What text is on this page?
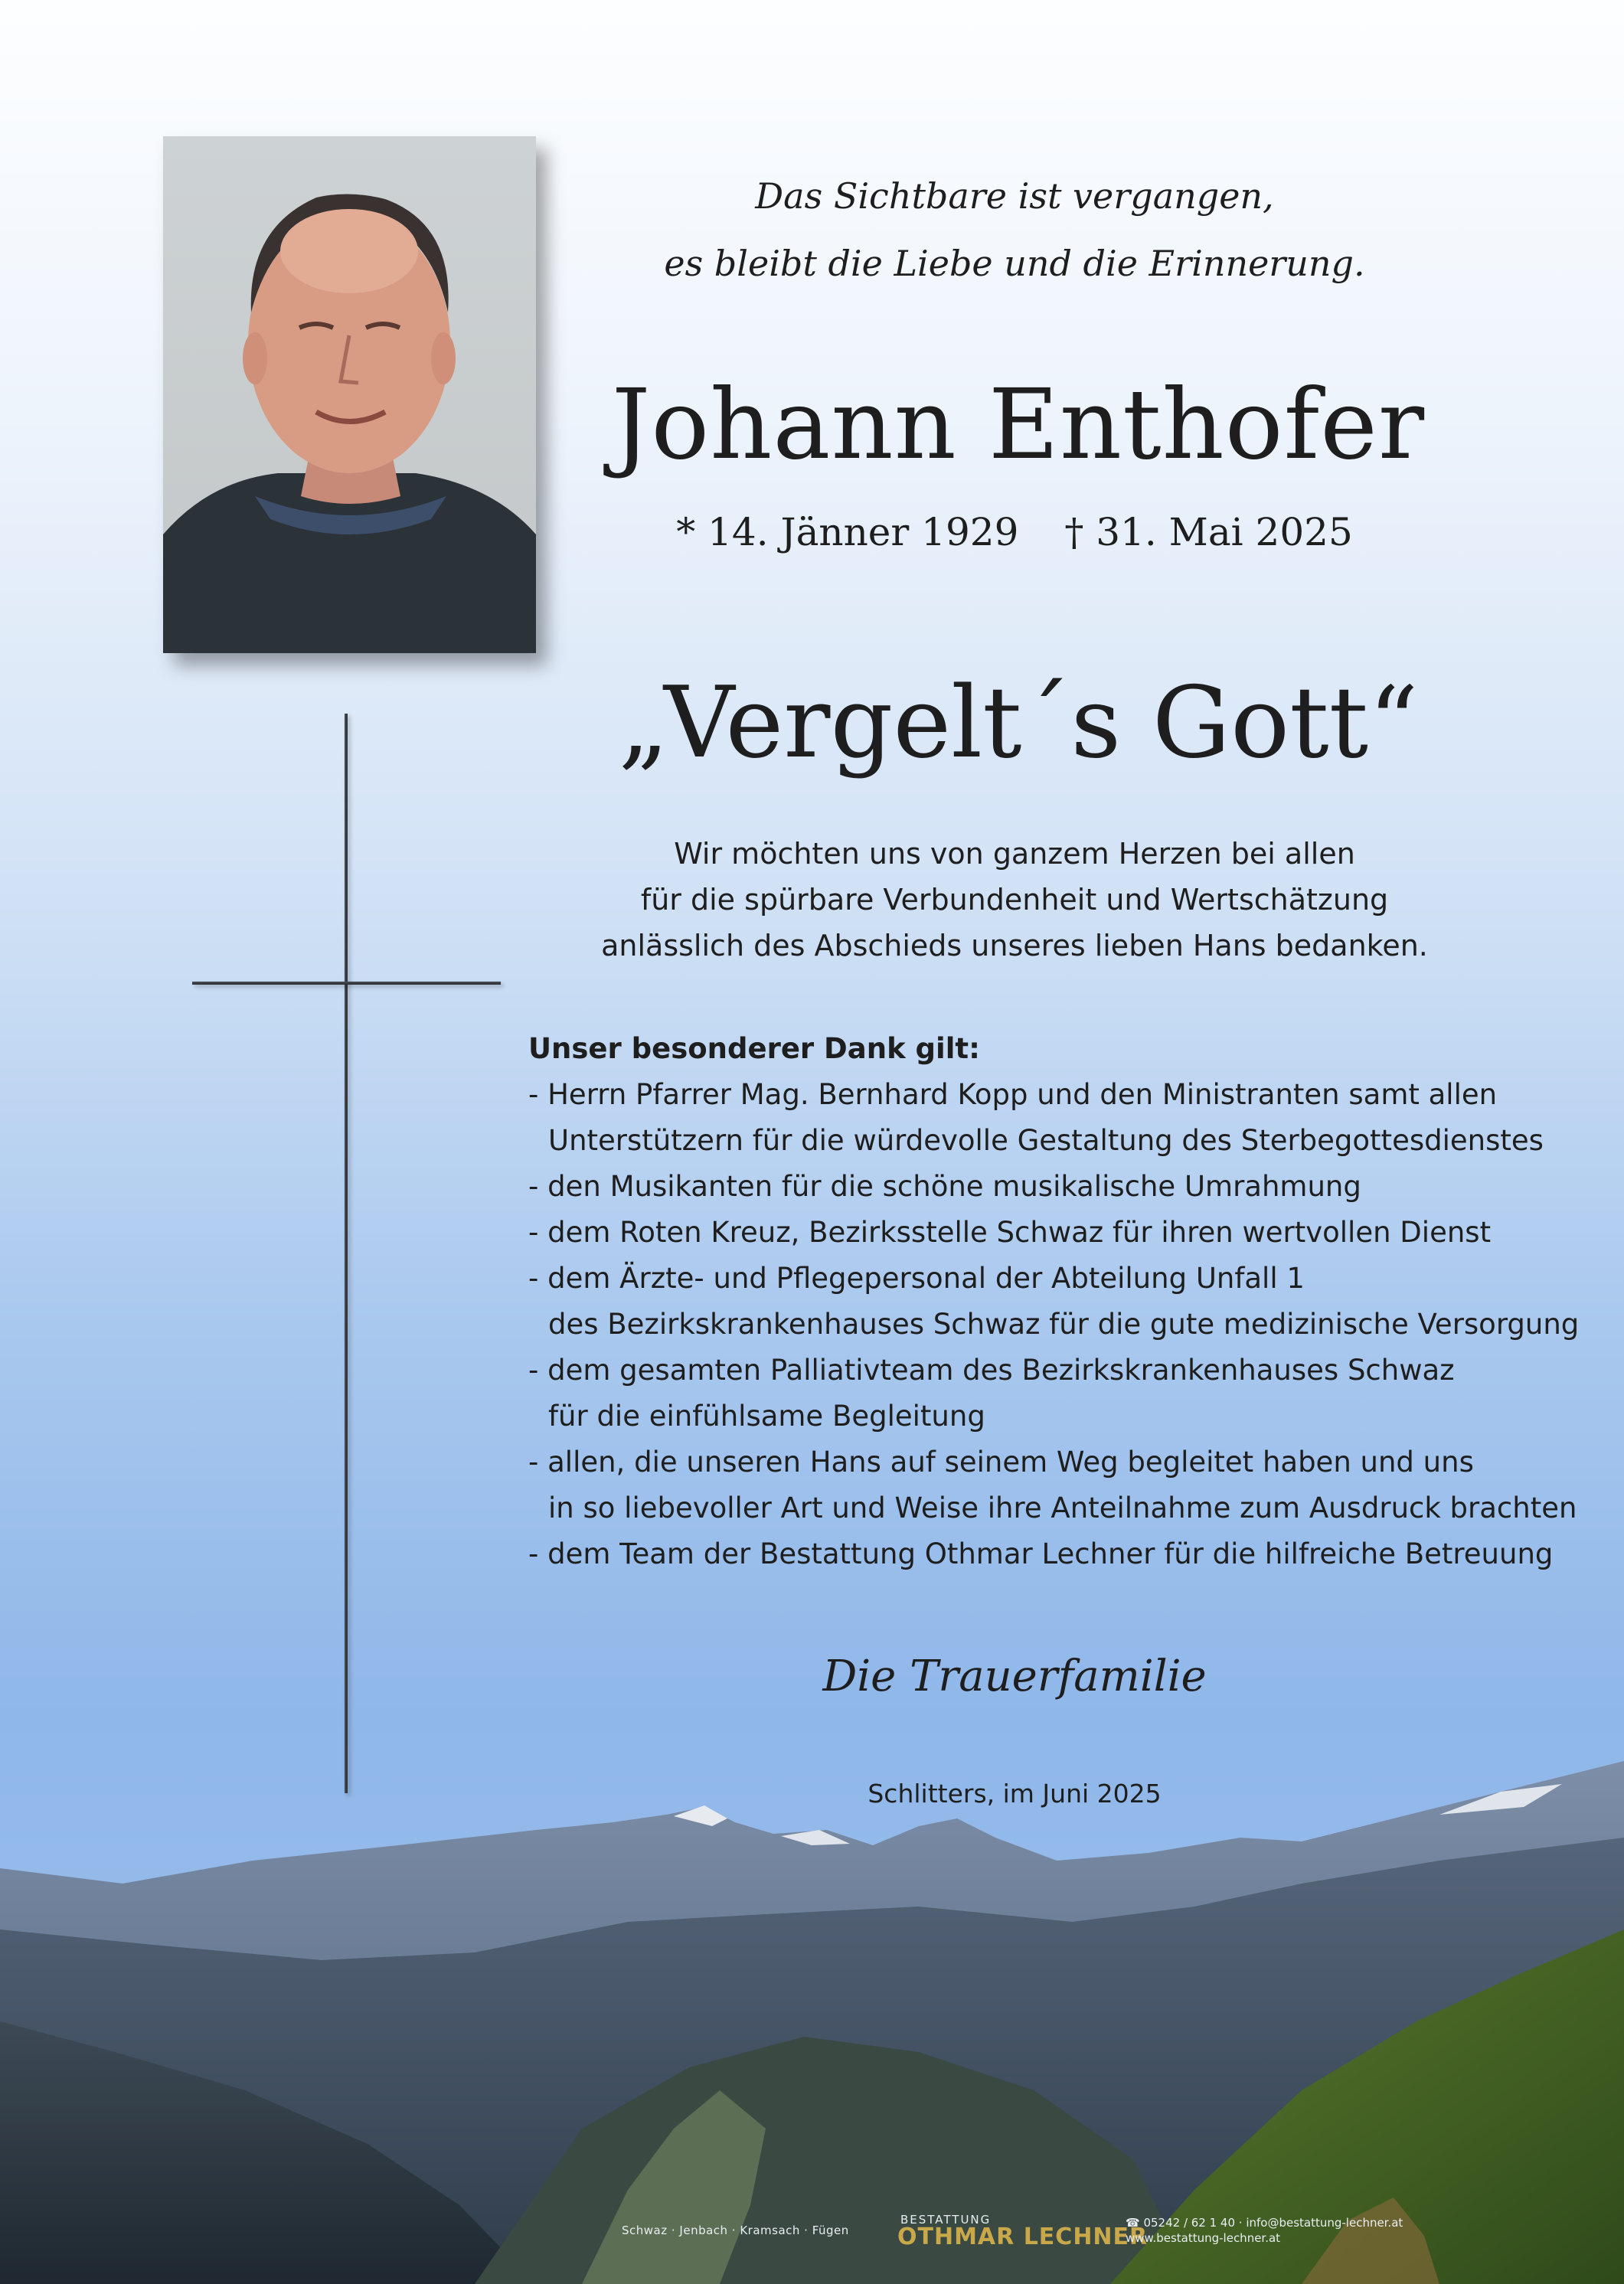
Das Sichtbare ist vergangen,
es bleibt die Liebe und die Erinnerung.
Johann Enthofer
* 14. Jänner 1929 † 31. Mai 2025
„Vergelt´s Gott“
Wir möchten uns von ganzem Herzen bei allen
für die spürbare Verbundenheit und Wertschätzung
anlässlich des Abschieds unseres lieben Hans bedanken.
Unser besonderer Dank gilt:
- Herrn Pfarrer Mag. Bernhard Kopp und den Ministranten samt allen
Unterstützern für die würdevolle Gestaltung des Sterbegottesdienstes
- den Musikanten für die schöne musikalische Umrahmung
- dem Roten Kreuz, Bezirksstelle Schwaz für ihren wertvollen Dienst
- dem Ärzte- und Pflegepersonal der Abteilung Unfall 1
des Bezirkskrankenhauses Schwaz für die gute medizinische Versorgung
- dem gesamten Palliativteam des Bezirkskrankenhauses Schwaz
für die einfühlsame Begleitung
- allen, die unseren Hans auf seinem Weg begleitet haben und uns
in so liebevoller Art und Weise ihre Anteilnahme zum Ausdruck brachten
- dem Team der Bestattung Othmar Lechner für die hilfreiche Betreuung
Die Trauerfamilie
Schlitters, im Juni 2025
Schwaz · Jenbach · Kramsach · Fügen
BESTATTUNG
OTHMAR LECHNER
☎ 05242 / 62 1 40 · info@bestattung-lechner.at
www.bestattung-lechner.at
